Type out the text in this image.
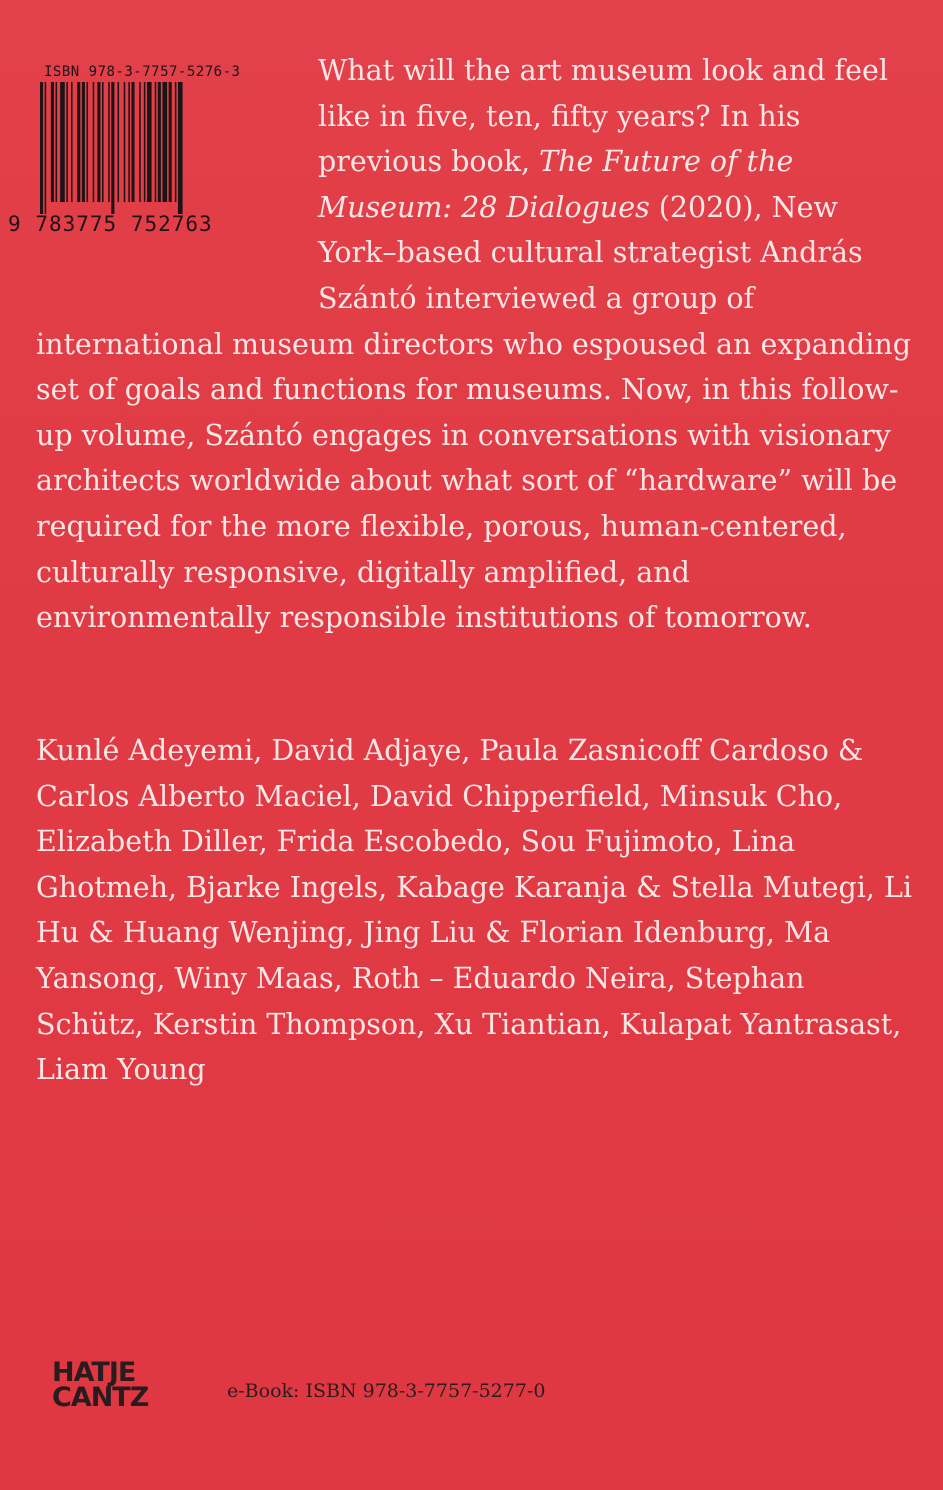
ISBN 978-3-7757-5276-3
9 783775 752763

What will the art museum look and feel like in five, ten, fifty years? In his previous book, The Future of the Museum: 28 Dialogues (2020), New York–based cultural strategist András Szántó interviewed a group of international museum directors who espoused an expanding set of goals and functions for museums. Now, in this follow-up volume, Szántó engages in conversations with visionary architects worldwide about what sort of “hardware” will be required for the more flexible, porous, human-centered, culturally responsive, digitally amplified, and environmentally responsible institutions of tomorrow.

Kunlé Adeyemi, David Adjaye, Paula Zasnicoff Cardoso & Carlos Alberto Maciel, David Chipperfield, Minsuk Cho, Elizabeth Diller, Frida Escobedo, Sou Fujimoto, Lina Ghotmeh, Bjarke Ingels, Kabage Karanja & Stella Mutegi, Li Hu & Huang Wenjing, Jing Liu & Florian Idenburg, Ma Yansong, Winy Maas, Roth – Eduardo Neira, Stephan Schütz, Kerstin Thompson, Xu Tiantian, Kulapat Yantrasast, Liam Young

HATJE
CANTZ	e-Book: ISBN 978-3-7757-5277-0
